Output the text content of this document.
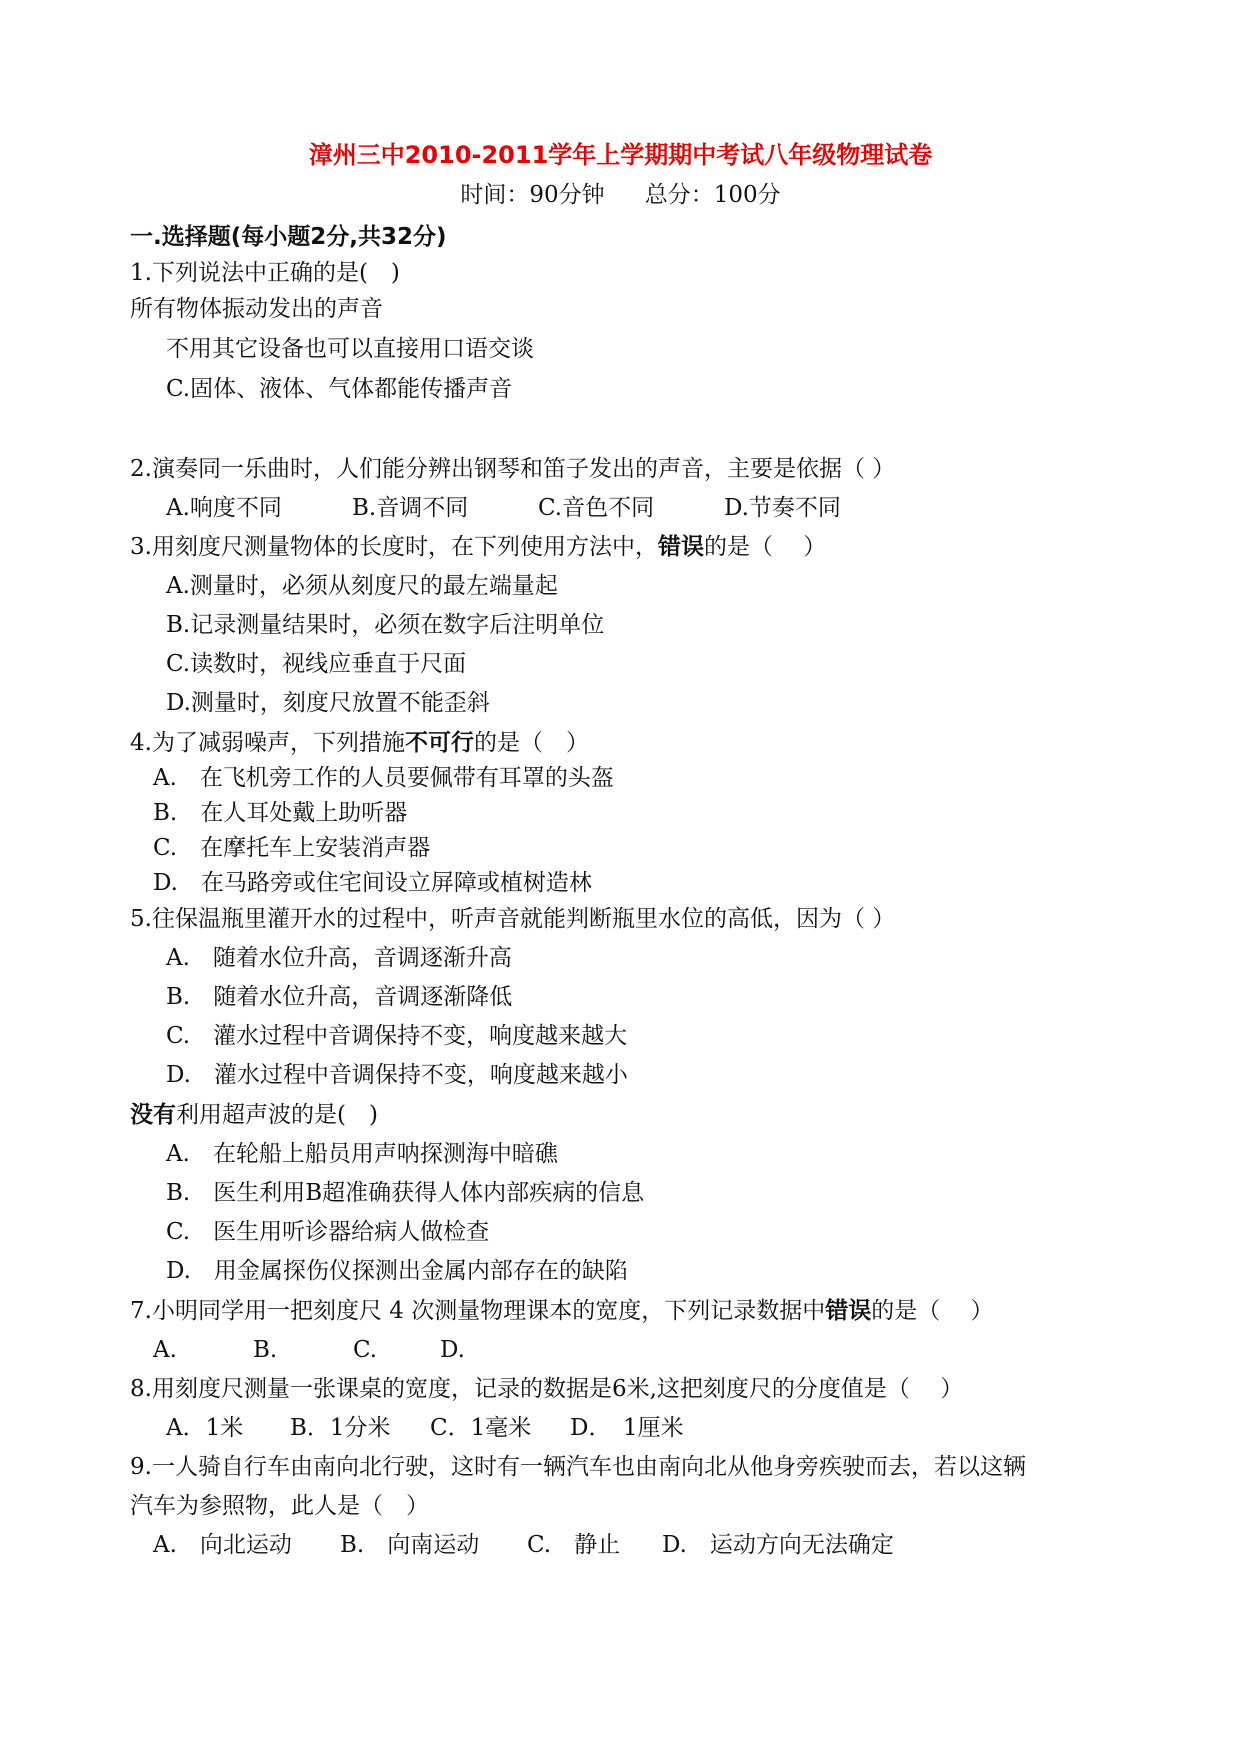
漳州三中2010-2011学年上学期期中考试八年级物理试卷
时间：90分钟 总分：100分
一.选择题(每小题2分,共32分)
1.下列说法中正确的是(　)
所有物体振动发出的声音
不用其它设备也可以直接用口语交谈
C.固体、液体、气体都能传播声音
2.演奏同一乐曲时，人们能分辨出钢琴和笛子发出的声音，主要是依据（ ）
A.响度不同	B.音调不同	C.音色不同	D.节奏不同
3.用刻度尺测量物体的长度时，在下列使用方法中，错误的是（　 ）
A.测量时，必须从刻度尺的最左端量起
B.记录测量结果时，必须在数字后注明单位
C.读数时，视线应垂直于尺面
D.测量时，刻度尺放置不能歪斜
4.为了减弱噪声，下列措施不可行的是（　）
A.　在飞机旁工作的人员要佩带有耳罩的头盔
B.　在人耳处戴上助听器
C.　在摩托车上安装消声器
D.　在马路旁或住宅间设立屏障或植树造林
5.往保温瓶里灌开水的过程中，听声音就能判断瓶里水位的高低，因为（ ）
A.　随着水位升高，音调逐渐升高
B.　随着水位升高，音调逐渐降低
C.　灌水过程中音调保持不变，响度越来越大
D.　灌水过程中音调保持不变，响度越来越小
没有利用超声波的是(　)
A.　在轮船上船员用声呐探测海中暗礁
B.　医生利用B超准确获得人体内部疾病的信息
C.　医生用听诊器给病人做检查
D.　用金属探伤仪探测出金属内部存在的缺陷
7.小明同学用一把刻度尺 4 次测量物理课本的宽度，下列记录数据中错误的是（　 ）
A.	B.	C.	D.
8.用刻度尺测量一张课桌的宽度，记录的数据是6米,这把刻度尺的分度值是（　 ）
A．1米 B．1分米 C．1毫米 D．　1厘米
9.一人骑自行车由南向北行驶，这时有一辆汽车也由南向北从他身旁疾驶而去，若以这辆
汽车为参照物，此人是（　）
A.　向北运动 B.　向南运动 C.　静止 D.　运动方向无法确定
